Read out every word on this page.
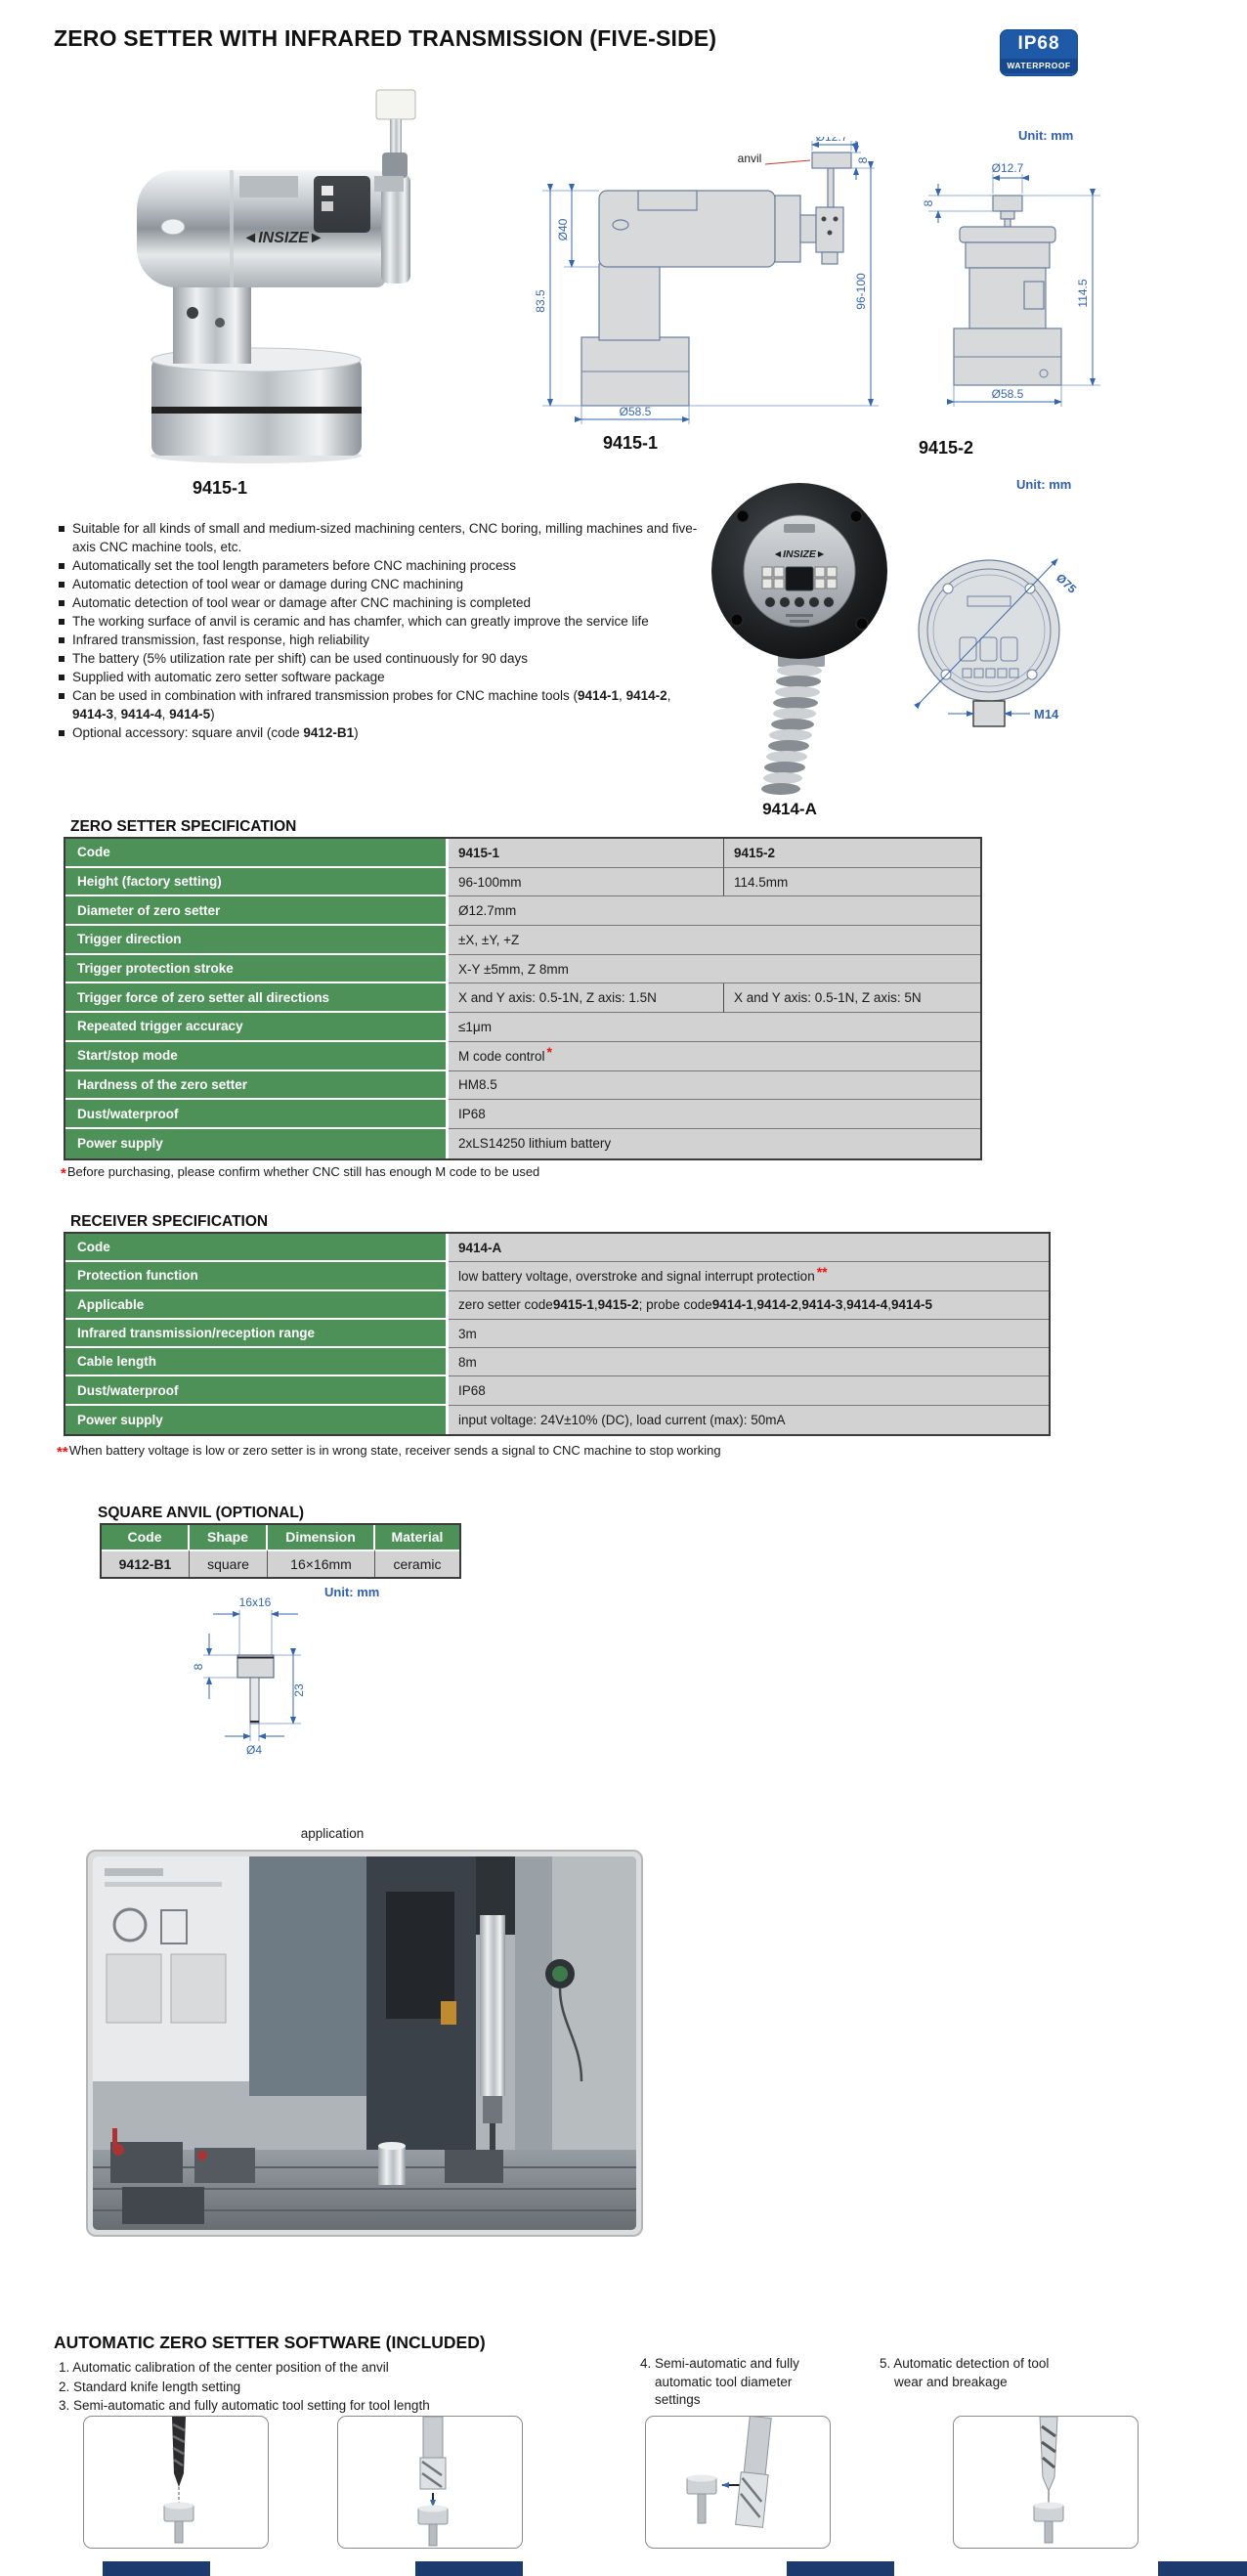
ZERO SETTER WITH INFRARED TRANSMISSION (FIVE-SIDE)	IP68
WATERPROOF
Unit: mm
◄INSIZE►
9415-1
Ø12.7
anvil
83.5
Ø40
8
96-100
Ø58.5
9415-1
Ø12.7
8
114.5
Ø58.5
9415-2
Suitable for all kinds of small and medium-sized machining centers, CNC boring, milling machines and five-axis CNC machine tools, etc.
Automatically set the tool length parameters before CNC machining process
Automatic detection of tool wear or damage during CNC machining
Automatic detection of tool wear or damage after CNC machining is completed
The working surface of anvil is ceramic and has chamfer, which can greatly improve the service life
Infrared transmission, fast response, high reliability
The battery (5% utilization rate per shift) can be used continuously for 90 days
Supplied with automatic zero setter software package
Can be used in combination with infrared transmission probes for CNC machine tools (9414-1, 9414-2, 9414-3, 9414-4, 9414-5)
Optional accessory: square anvil (code 9412-B1)
◄INSIZE►
9414-A
Unit: mm
Ø75
M14
ZERO SETTER SPECIFICATION
Code	9415-1	9415-2
Height (factory setting)	96-100mm	114.5mm
Diameter of zero setter	Ø12.7mm
Trigger direction	±X, ±Y, +Z
Trigger protection stroke	X-Y ±5mm, Z 8mm
Trigger force of zero setter all directions	X and Y axis: 0.5-1N, Z axis: 1.5N	X and Y axis: 0.5-1N, Z axis: 5N
Repeated trigger accuracy	≤1μm
Start/stop mode	M code control *
Hardness of the zero setter	HM8.5
Dust/waterproof	IP68
Power supply	2xLS14250 lithium battery
*Before purchasing, please confirm whether CNC still has enough M code to be used
RECEIVER SPECIFICATION
Code	9414-A
Protection function	low battery voltage, overstroke and signal interrupt protection **
Applicable	zero setter code 9415-1 , 9415-2 ; probe code 9414-1 , 9414-2 , 9414-3 , 9414-4 , 9414-5
Infrared transmission/reception range	3m
Cable length	8m
Dust/waterproof	IP68
Power supply	input voltage: 24V±10% (DC), load current (max): 50mA
**When battery voltage is low or zero setter is in wrong state, receiver sends a signal to CNC machine to stop working
SQUARE ANVIL (OPTIONAL)
Code	Shape	Dimension	Material
9412-B1	square	16×16mm	ceramic
Unit: mm
16x16
8
23
Ø4
application
AUTOMATIC ZERO SETTER SOFTWARE (INCLUDED)
1. Automatic calibration of the center position of the anvil
2. Standard knife length setting
3. Semi-automatic and fully automatic tool setting for tool length
4. Semi-automatic and fully automatic tool diameter settings
5. Automatic detection of tool wear and breakage
